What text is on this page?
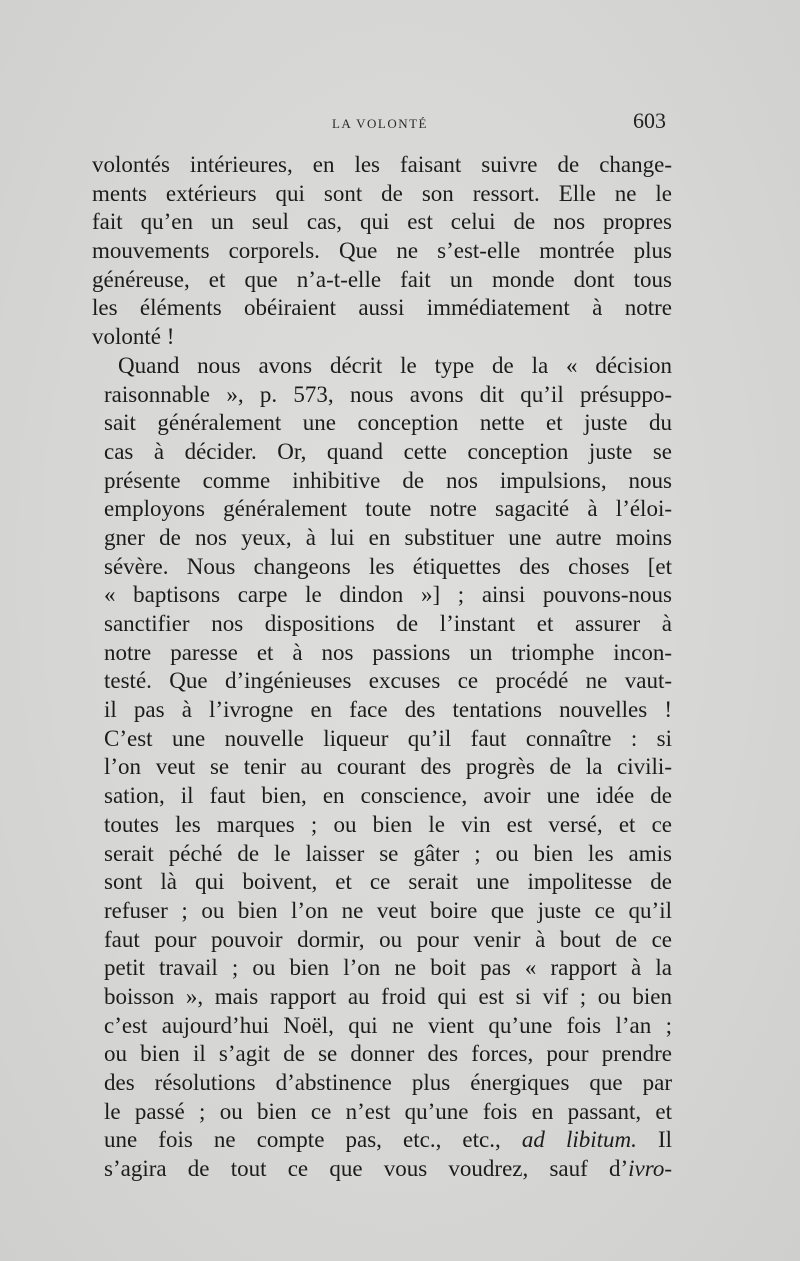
LA VOLONTÉ	603
volontés intérieures, en les faisant suivre de change-
ments extérieurs qui sont de son ressort. Elle ne le
fait qu’en un seul cas, qui est celui de nos propres
mouvements corporels. Que ne s’est-elle montrée plus
généreuse, et que n’a-t-elle fait un monde dont tous
les éléments obéiraient aussi immédiatement à notre
volonté !
Quand nous avons décrit le type de la « décision
raisonnable », p. 573, nous avons dit qu’il présuppo-
sait généralement une conception nette et juste du
cas à décider. Or, quand cette conception juste se
présente comme inhibitive de nos impulsions, nous
employons généralement toute notre sagacité à l’éloi-
gner de nos yeux, à lui en substituer une autre moins
sévère. Nous changeons les étiquettes des choses [et
« baptisons carpe le dindon »] ; ainsi pouvons-nous
sanctifier nos dispositions de l’instant et assurer à
notre paresse et à nos passions un triomphe incon-
testé. Que d’ingénieuses excuses ce procédé ne vaut-
il pas à l’ivrogne en face des tentations nouvelles !
C’est une nouvelle liqueur qu’il faut connaître : si
l’on veut se tenir au courant des progrès de la civili-
sation, il faut bien, en conscience, avoir une idée de
toutes les marques ; ou bien le vin est versé, et ce
serait péché de le laisser se gâter ; ou bien les amis
sont là qui boivent, et ce serait une impolitesse de
refuser ; ou bien l’on ne veut boire que juste ce qu’il
faut pour pouvoir dormir, ou pour venir à bout de ce
petit travail ; ou bien l’on ne boit pas « rapport à la
boisson », mais rapport au froid qui est si vif ; ou bien
c’est aujourd’hui Noël, qui ne vient qu’une fois l’an ;
ou bien il s’agit de se donner des forces, pour prendre
des résolutions d’abstinence plus énergiques que par
le passé ; ou bien ce n’est qu’une fois en passant, et
une fois ne compte pas, etc., etc., ad libitum. Il
s’agira de tout ce que vous voudrez, sauf d’ivro-
